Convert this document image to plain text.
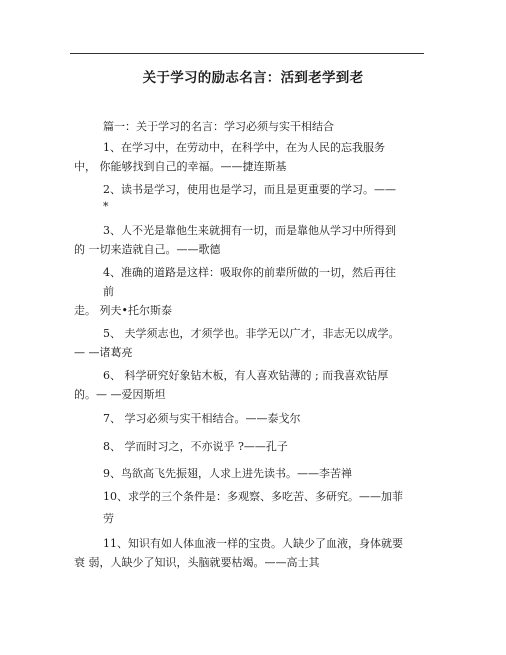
关于学习的励志名言：活到老学到老

篇一：关于学习的名言：学习必须与实干相结合

1、在学习中，在劳动中，在科学中，在为人民的忘我服务
中， 你能够找到自己的幸福。——捷连斯基
2、读书是学习，使用也是学习，而且是更重要的学习。——
*
3、人不光是靠他生来就拥有一切，而是靠他从学习中所得到
的 一切来造就自己。——歌德
4、准确的道路是这样：吸取你的前辈所做的一切，然后再往
前
走。 列夫•托尔斯泰
5、 夫学须志也，才须学也。非学无以广才，非志无以成学。
— —诸葛亮
6、 科学研究好象钻木板，有人喜欢钻薄的 ; 而我喜欢钻厚
的。— —爱因斯坦
7、 学习必须与实干相结合。——泰戈尔
8、 学而时习之，不亦说乎 ?——孔子
9、鸟欲高飞先振翅，人求上进先读书。——李苦禅
10、求学的三个条件是：多观察、多吃苦、多研究。——加菲
劳
11、知识有如人体血液一样的宝贵。人缺少了血液，身体就要
衰 弱，人缺少了知识，头脑就要枯竭。——高士其
